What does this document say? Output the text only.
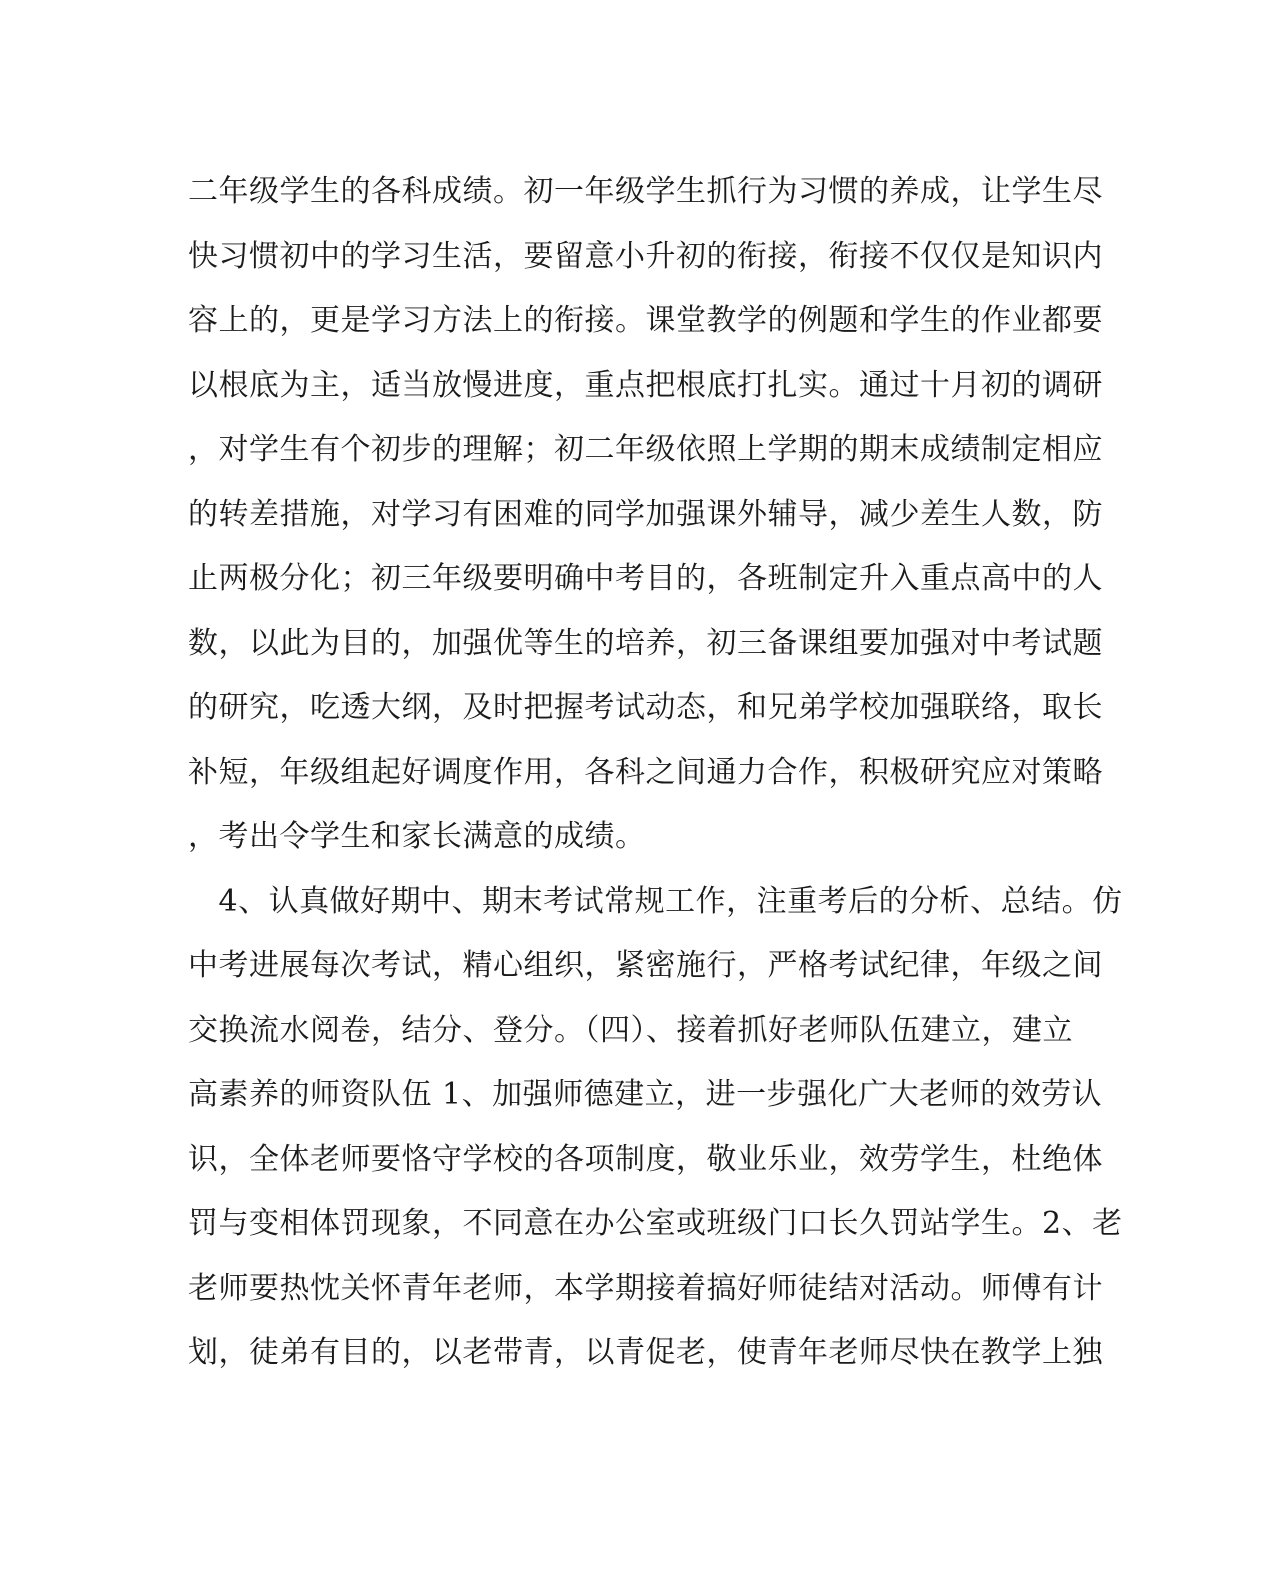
二年级学生的各科成绩。初一年级学生抓行为习惯的养成，让学生尽
快习惯初中的学习生活，要留意小升初的衔接，衔接不仅仅是知识内
容上的，更是学习方法上的衔接。课堂教学的例题和学生的作业都要
以根底为主，适当放慢进度，重点把根底打扎实。通过十月初的调研
，对学生有个初步的理解；初二年级依照上学期的期末成绩制定相应
的转差措施，对学习有困难的同学加强课外辅导，减少差生人数，防
止两极分化；初三年级要明确中考目的，各班制定升入重点高中的人
数，以此为目的，加强优等生的培养，初三备课组要加强对中考试题
的研究，吃透大纲，及时把握考试动态，和兄弟学校加强联络，取长
补短，年级组起好调度作用，各科之间通力合作，积极研究应对策略
，考出令学生和家长满意的成绩。
　4、认真做好期中、期末考试常规工作，注重考后的分析、总结。仿
中考进展每次考试，精心组织，紧密施行，严格考试纪律，年级之间
交换流水阅卷，结分、登分。（四）、接着抓好老师队伍建立，建立
高素养的师资队伍 1、加强师德建立，进一步强化广大老师的效劳认
识，全体老师要恪守学校的各项制度，敬业乐业，效劳学生，杜绝体
罚与变相体罚现象，不同意在办公室或班级门口长久罚站学生。2、老
老师要热忱关怀青年老师，本学期接着搞好师徒结对活动。师傅有计
划，徒弟有目的，以老带青，以青促老，使青年老师尽快在教学上独
